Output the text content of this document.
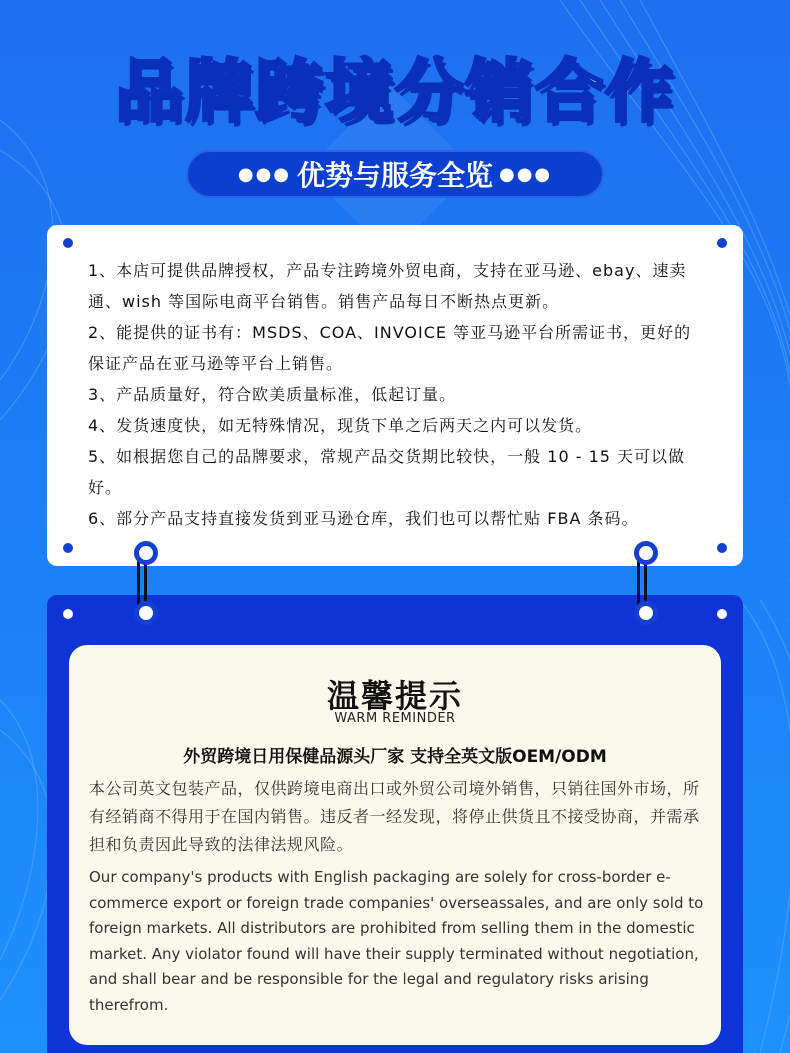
品牌跨境分销合作
●●● 优势与服务全览 ●●●
1、本店可提供品牌授权，产品专注跨境外贸电商，支持在亚马逊、ebay、速卖通、wish 等国际电商平台销售。销售产品每日不断热点更新。
2、能提供的证书有：MSDS、COA、INVOICE 等亚马逊平台所需证书，更好的保证产品在亚马逊等平台上销售。
3、产品质量好，符合欧美质量标准，低起订量。
4、发货速度快，如无特殊情况，现货下单之后两天之内可以发货。
5、如根据您自己的品牌要求，常规产品交货期比较快，一般 10 - 15 天可以做好。
6、部分产品支持直接发货到亚马逊仓库，我们也可以帮忙贴 FBA 条码。
温馨提示
WARM REMINDER
外贸跨境日用保健品源头厂家 支持全英文版OEM/ODM

本公司英文包装产品，仅供跨境电商出口或外贸公司境外销售，只销往国外市场，所有经销商不得用于在国内销售。违反者一经发现，将停止供货且不接受协商，并需承担和负责因此导致的法律法规风险。

Our company's products with English packaging are solely for cross-border e-commerce export or foreign trade companies' overseassales, and are only sold to foreign markets. All distributors are prohibited from selling them in the domestic market. Any violator found will have their supply terminated without negotiation, and shall bear and be responsible for the legal and regulatory risks arising therefrom.
